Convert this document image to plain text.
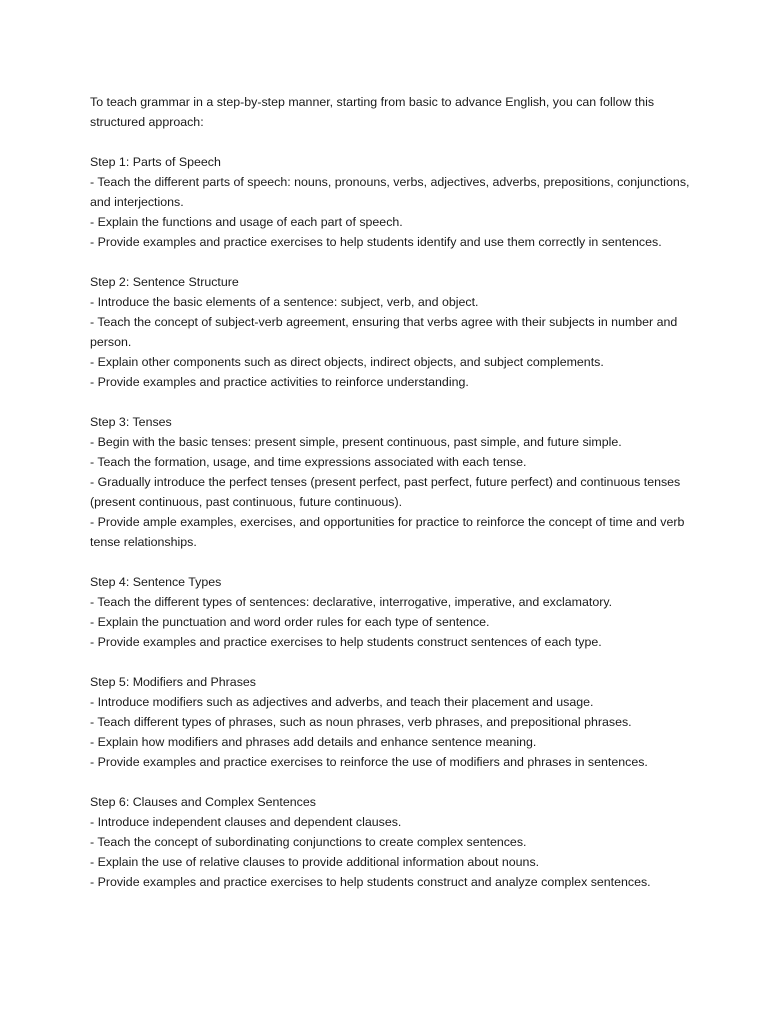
To teach grammar in a step-by-step manner, starting from basic to advance English, you can follow this structured approach:

Step 1: Parts of Speech

- Teach the different parts of speech: nouns, pronouns, verbs, adjectives, adverbs, prepositions, conjunctions, and interjections.
- Explain the functions and usage of each part of speech.
- Provide examples and practice exercises to help students identify and use them correctly in sentences.

Step 2: Sentence Structure

- Introduce the basic elements of a sentence: subject, verb, and object.
- Teach the concept of subject-verb agreement, ensuring that verbs agree with their subjects in number and person.
- Explain other components such as direct objects, indirect objects, and subject complements.
- Provide examples and practice activities to reinforce understanding.

Step 3: Tenses

- Begin with the basic tenses: present simple, present continuous, past simple, and future simple.
- Teach the formation, usage, and time expressions associated with each tense.
- Gradually introduce the perfect tenses (present perfect, past perfect, future perfect) and continuous tenses (present continuous, past continuous, future continuous).
- Provide ample examples, exercises, and opportunities for practice to reinforce the concept of time and verb tense relationships.

Step 4: Sentence Types

- Teach the different types of sentences: declarative, interrogative, imperative, and exclamatory.
- Explain the punctuation and word order rules for each type of sentence.
- Provide examples and practice exercises to help students construct sentences of each type.

Step 5: Modifiers and Phrases

- Introduce modifiers such as adjectives and adverbs, and teach their placement and usage.
- Teach different types of phrases, such as noun phrases, verb phrases, and prepositional phrases.
- Explain how modifiers and phrases add details and enhance sentence meaning.
- Provide examples and practice exercises to reinforce the use of modifiers and phrases in sentences.

Step 6: Clauses and Complex Sentences

- Introduce independent clauses and dependent clauses.
- Teach the concept of subordinating conjunctions to create complex sentences.
- Explain the use of relative clauses to provide additional information about nouns.
- Provide examples and practice exercises to help students construct and analyze complex sentences.
